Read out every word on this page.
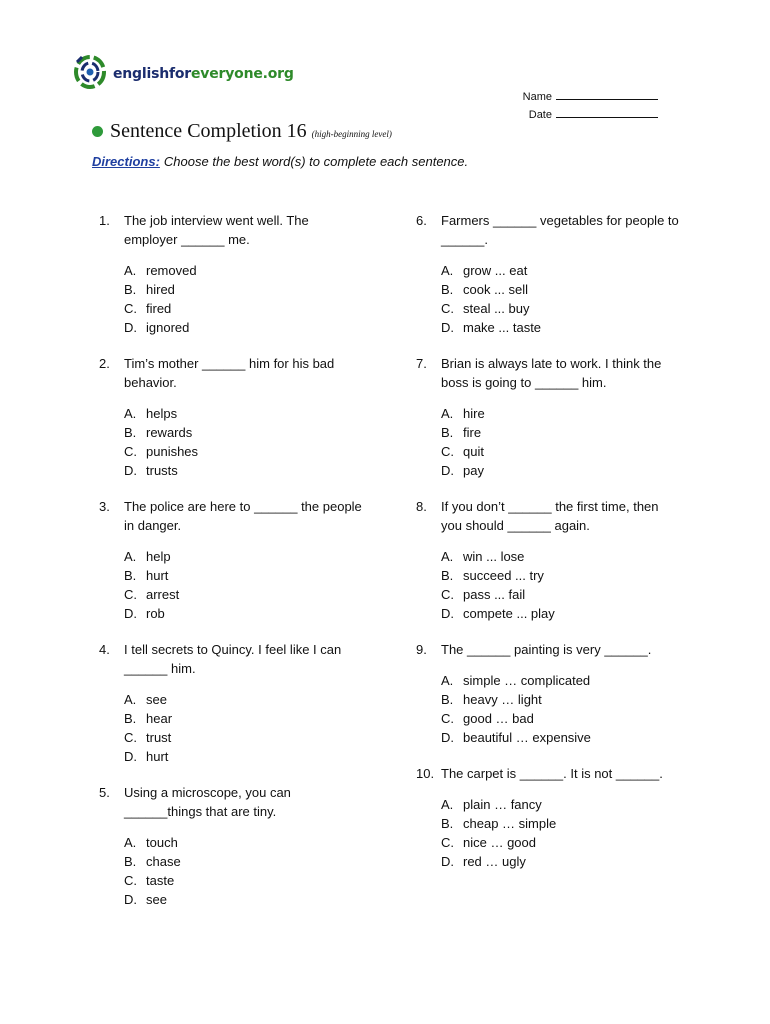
englishforeveryone.org
Name
Date
Sentence Completion 16 (high-beginning level)
Directions: Choose the best word(s) to complete each sentence.
1.	The job interview went well. The employer ______ me.
A. removed
B. hired
C. fired
D. ignored
2.	Tim’s mother ______ him for his bad behavior.
A. helps
B. rewards
C. punishes
D. trusts
3.	The police are here to ______ the people in danger.
A. help
B. hurt
C. arrest
D. rob
4.	I tell secrets to Quincy. I feel like I can ______ him.
A. see
B. hear
C. trust
D. hurt
5.	Using a microscope, you can ______things that are tiny.
A. touch
B. chase
C. taste
D. see
6.	Farmers ______ vegetables for people to ______.
A. grow ... eat
B. cook ... sell
C. steal ... buy
D. make ... taste
7.	Brian is always late to work. I think the boss is going to ______ him.
A. hire
B. fire
C. quit
D. pay
8.	If you don’t ______ the first time, then you should ______ again.
A. win ... lose
B. succeed ... try
C. pass ... fail
D. compete ... play
9.	The ______ painting is very ______.
A. simple … complicated
B. heavy … light
C. good … bad
D. beautiful … expensive
10. The carpet is ______. It is not ______.
A. plain … fancy
B. cheap … simple
C. nice … good
D. red … ugly
